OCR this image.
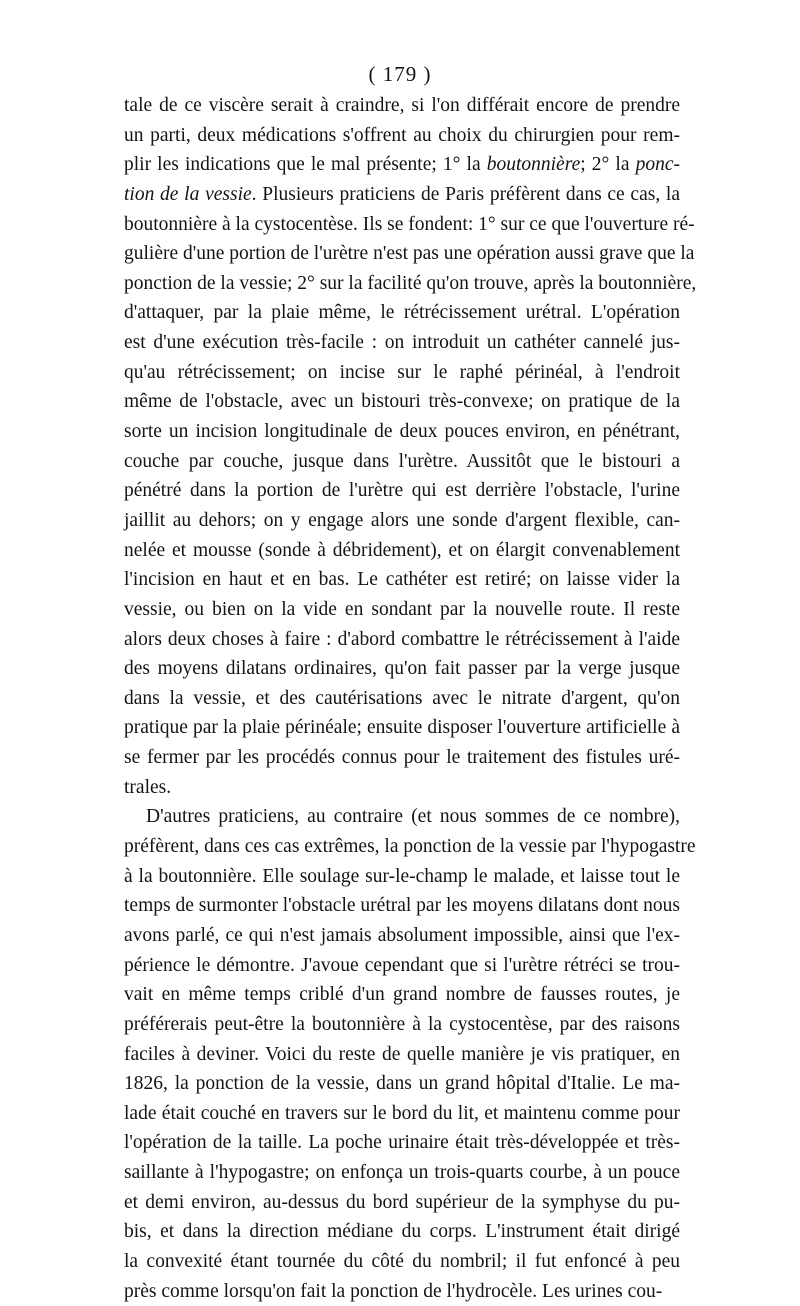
( 179 )
tale de ce viscère serait à craindre, si l'on différait encore de prendre
un parti, deux médications s'offrent au choix du chirurgien pour rem-
plir les indications que le mal présente; 1° la boutonnière; 2° la ponc-
tion de la vessie. Plusieurs praticiens de Paris préfèrent dans ce cas, la
boutonnière à la cystocentèse. Ils se fondent: 1° sur ce que l'ouverture ré-
gulière d'une portion de l'urètre n'est pas une opération aussi grave que la
ponction de la vessie; 2° sur la facilité qu'on trouve, après la boutonnière,
d'attaquer, par la plaie même, le rétrécissement urétral. L'opération
est d'une exécution très-facile : on introduit un cathéter cannelé jus-
qu'au rétrécissement; on incise sur le raphé périnéal, à l'endroit
même de l'obstacle, avec un bistouri très-convexe; on pratique de la
sorte un incision longitudinale de deux pouces environ, en pénétrant,
couche par couche, jusque dans l'urètre. Aussitôt que le bistouri a
pénétré dans la portion de l'urètre qui est derrière l'obstacle, l'urine
jaillit au dehors; on y engage alors une sonde d'argent flexible, can-
nelée et mousse (sonde à débridement), et on élargit convenablement
l'incision en haut et en bas. Le cathéter est retiré; on laisse vider la
vessie, ou bien on la vide en sondant par la nouvelle route. Il reste
alors deux choses à faire : d'abord combattre le rétrécissement à l'aide
des moyens dilatans ordinaires, qu'on fait passer par la verge jusque
dans la vessie, et des cautérisations avec le nitrate d'argent, qu'on
pratique par la plaie périnéale; ensuite disposer l'ouverture artificielle à
se fermer par les procédés connus pour le traitement des fistules uré-
trales.
D'autres praticiens, au contraire (et nous sommes de ce nombre),
préfèrent, dans ces cas extrêmes, la ponction de la vessie par l'hypogastre
à la boutonnière. Elle soulage sur-le-champ le malade, et laisse tout le
temps de surmonter l'obstacle urétral par les moyens dilatans dont nous
avons parlé, ce qui n'est jamais absolument impossible, ainsi que l'ex-
périence le démontre. J'avoue cependant que si l'urètre rétréci se trou-
vait en même temps criblé d'un grand nombre de fausses routes, je
préférerais peut-être la boutonnière à la cystocentèse, par des raisons
faciles à deviner. Voici du reste de quelle manière je vis pratiquer, en
1826, la ponction de la vessie, dans un grand hôpital d'Italie. Le ma-
lade était couché en travers sur le bord du lit, et maintenu comme pour
l'opération de la taille. La poche urinaire était très-développée et très-
saillante à l'hypogastre; on enfonça un trois-quarts courbe, à un pouce
et demi environ, au-dessus du bord supérieur de la symphyse du pu-
bis, et dans la direction médiane du corps. L'instrument était dirigé
la convexité étant tournée du côté du nombril; il fut enfoncé à peu
près comme lorsqu'on fait la ponction de l'hydrocèle. Les urines cou-
